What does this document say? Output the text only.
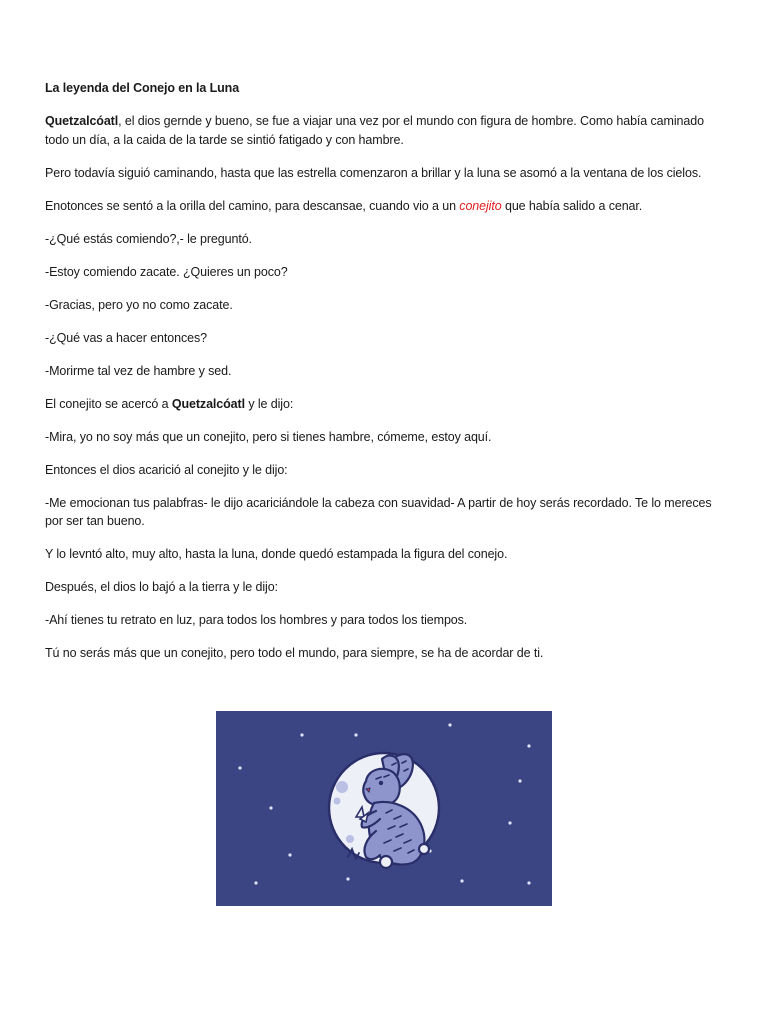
La leyenda del Conejo en la Luna

Quetzalcóatl, el dios gernde y bueno, se fue a viajar una vez por el mundo con figura de hombre. Como había caminado todo un día, a la caida de la tarde se sintió fatigado y con hambre.

Pero todavía siguió caminando, hasta que las estrella comenzaron a brillar y la luna se asomó a la ventana de los cielos.

Enotonces se sentó a la orilla del camino, para descansae, cuando vio a un conejito que había salido a cenar.

-¿Qué estás comiendo?,- le preguntó.

-Estoy comiendo zacate. ¿Quieres un poco?

-Gracias, pero yo no como zacate.

-¿Qué vas a hacer entonces?

-Morirme tal vez de hambre y sed.

El conejito se acercó a Quetzalcóatl y le dijo:

-Mira, yo no soy más que un conejito, pero si tienes hambre, cómeme, estoy aquí.

Entonces el dios acarició al conejito y le dijo:

-Me emocionan tus palabfras- le dijo acariciándole la cabeza con suavidad- A partir de hoy serás recordado. Te lo mereces por ser tan bueno.

Y lo levntó alto, muy alto, hasta la luna, donde quedó estampada la figura del conejo.

Después, el dios lo bajó a la tierra y le dijo:

-Ahí tienes tu retrato en luz, para todos los hombres y para todos los tiempos.

Tú no serás más que un conejito, pero todo el mundo, para siempre, se ha de acordar de ti.
